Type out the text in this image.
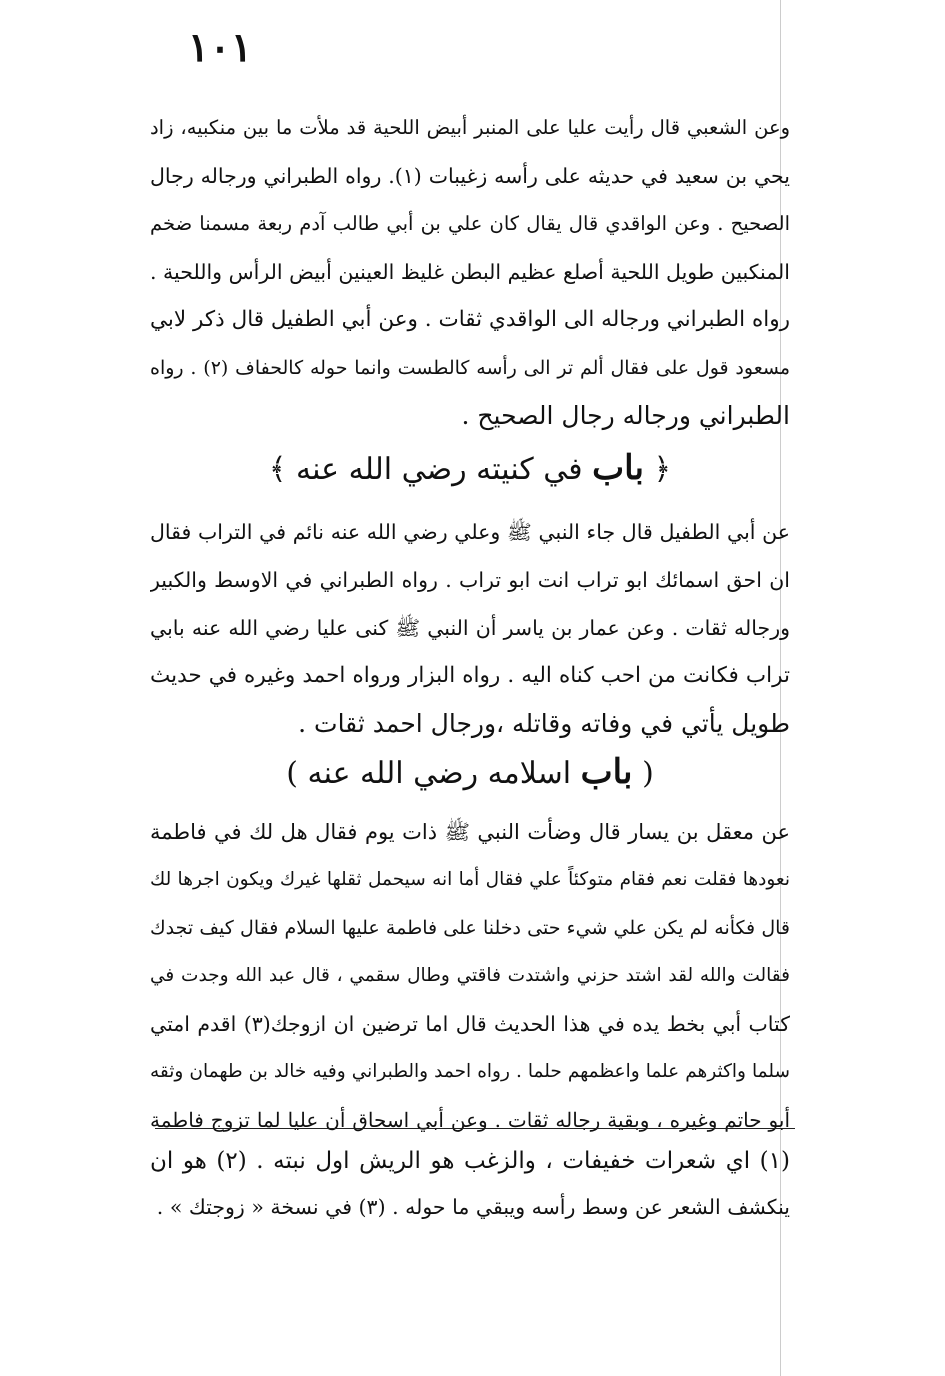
١٠١
وعن الشعبي قال رأيت عليا على المنبر أبيض اللحية قد ملأت ما بين منكبيه، زاد
يحي بن سعيد في حديثه على رأسه زغيبات (١). رواه الطبراني ورجاله رجال
الصحيح . وعن الواقدي قال يقال كان علي بن أبي طالب آدم ربعة مسمنا ضخم
المنكبين طويل اللحية أصلع عظيم البطن غليظ العينين أبيض الرأس واللحية .
رواه الطبراني ورجاله الى الواقدي ثقات . وعن أبي الطفيل قال ذكر لابي
مسعود قول على فقال ألم تر الى رأسه كالطست وانما حوله كالحفاف (٢) . رواه
الطبراني ورجاله رجال الصحيح .
﴿ باب في كنيته رضي الله عنه ﴾
عن أبي الطفيل قال جاء النبي ﷺ وعلي رضي الله عنه نائم في التراب فقال
ان احق اسمائك ابو تراب انت ابو تراب . رواه الطبراني في الاوسط والكبير
ورجاله ثقات . وعن عمار بن ياسر أن النبي ﷺ كنى عليا رضي الله عنه بابي
تراب فكانت من احب كناه اليه . رواه البزار ورواه احمد وغيره في حديث
طويل يأتي في وفاته وقاتله ،ورجال احمد ثقات .
( باب اسلامه رضي الله عنه )
عن معقل بن يسار قال وضأت النبي ﷺ ذات يوم فقال هل لك في فاطمة
نعودها فقلت نعم فقام متوكئاً علي فقال أما انه سيحمل ثقلها غيرك ويكون اجرها لك
قال فكأنه لم يكن علي شيء حتى دخلنا على فاطمة عليها السلام فقال كيف تجدك
فقالت والله لقد اشتد حزني واشتدت فاقتي وطال سقمي ، قال عبد الله وجدت في
كتاب أبي بخط يده في هذا الحديث قال اما ترضين ان ازوجك(٣) اقدم امتي
سلما واكثرهم علما واعظمهم حلما . رواه احمد والطبراني وفيه خالد بن طهمان وثقه
أبو حاتم وغيره ، وبقية رجاله ثقات . وعن أبي اسحاق أن عليا لما تزوج فاطمة
(١) اي شعرات خفيفات ، والزغب هو الريش اول نبته . (٢) هو ان
ينكشف الشعر عن وسط رأسه ويبقي ما حوله . (٣) في نسخة « زوجتك » .
